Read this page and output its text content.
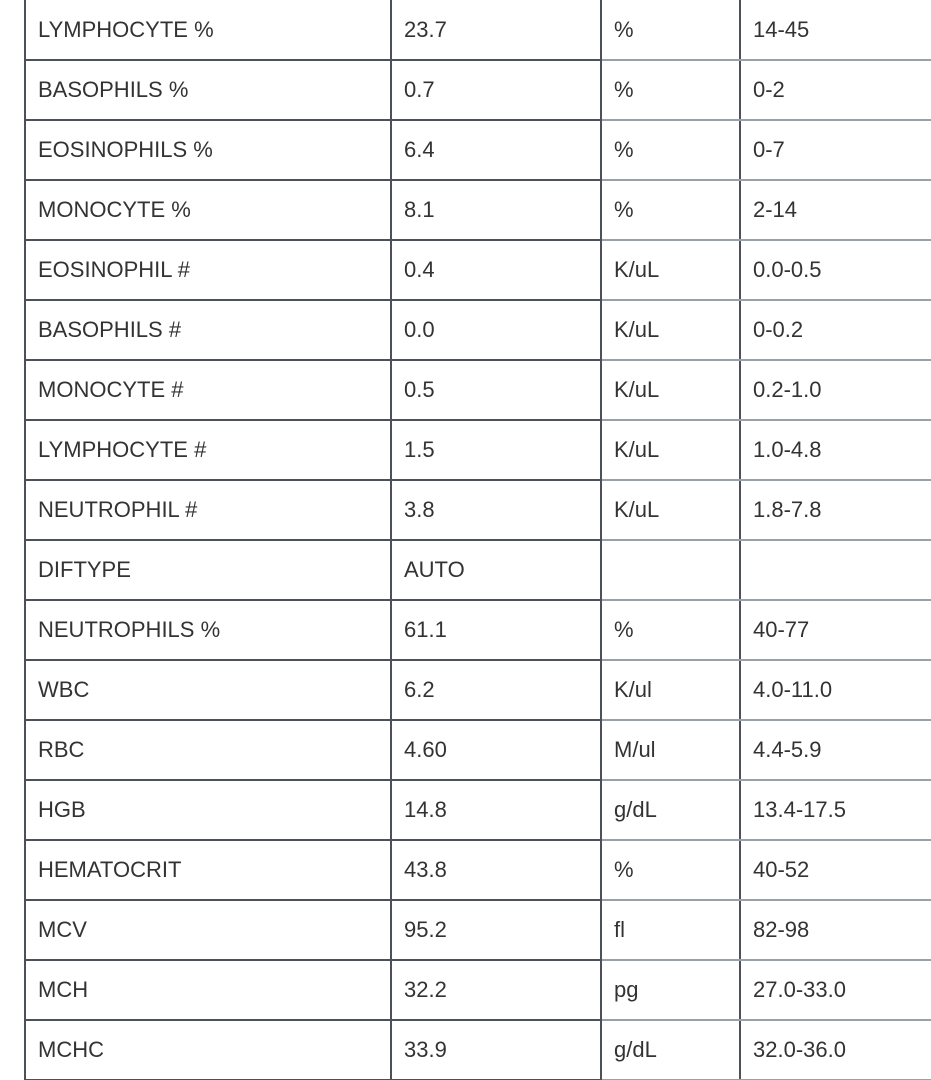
LYMPHOCYTE %	23.7	%	14-45
BASOPHILS %	0.7	%	0-2
EOSINOPHILS %	6.4	%	0-7
MONOCYTE %	8.1	%	2-14
EOSINOPHIL #	0.4	K/uL	0.0-0.5
BASOPHILS #	0.0	K/uL	0-0.2
MONOCYTE #	0.5	K/uL	0.2-1.0
LYMPHOCYTE #	1.5	K/uL	1.0-4.8
NEUTROPHIL #	3.8	K/uL	1.8-7.8
DIFTYPE	AUTO		
NEUTROPHILS %	61.1	%	40-77
WBC	6.2	K/ul	4.0-11.0
RBC	4.60	M/ul	4.4-5.9
HGB	14.8	g/dL	13.4-17.5
HEMATOCRIT	43.8	%	40-52
MCV	95.2	fl	82-98
MCH	32.2	pg	27.0-33.0
MCHC	33.9	g/dL	32.0-36.0
